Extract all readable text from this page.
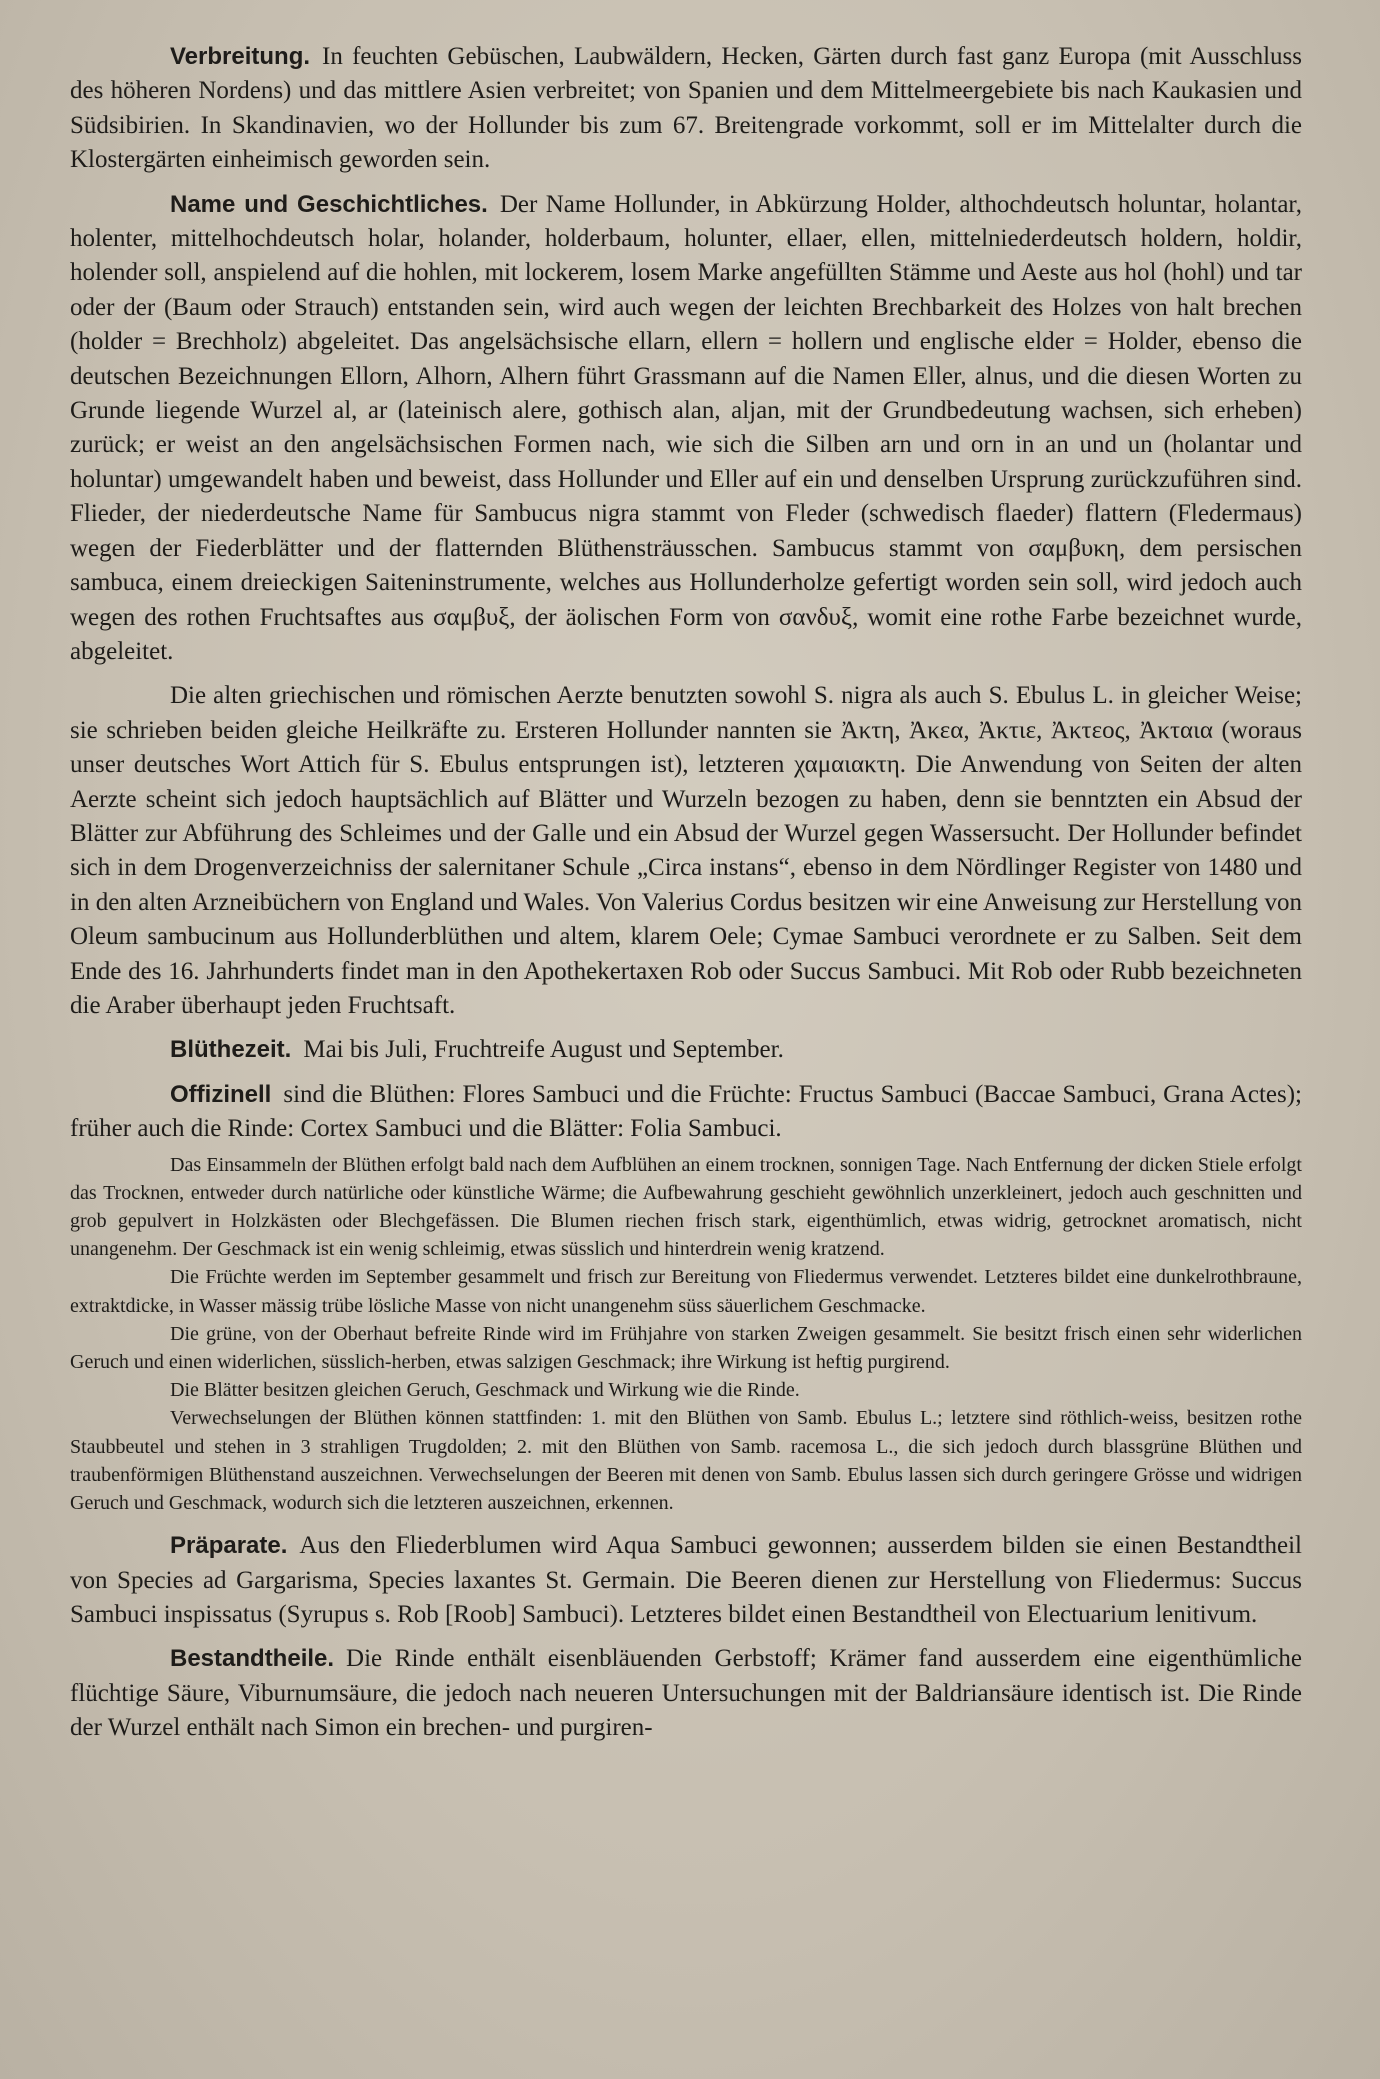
Verbreitung. In feuchten Gebüschen, Laubwäldern, Hecken, Gärten durch fast ganz Europa (mit Ausschluss des höheren Nordens) und das mittlere Asien verbreitet; von Spanien und dem Mittelmeergebiete bis nach Kaukasien und Südsibirien. In Skandinavien, wo der Hollunder bis zum 67. Breitengrade vorkommt, soll er im Mittelalter durch die Klostergärten einheimisch geworden sein.

Name und Geschichtliches. Der Name Hollunder, in Abkürzung Holder, althochdeutsch holuntar, holantar, holenter, mittelhochdeutsch holar, holander, holderbaum, holunter, ellaer, ellen, mittelniederdeutsch holdern, holdir, holender soll, anspielend auf die hohlen, mit lockerem, losem Marke angefüllten Stämme und Aeste aus hol (hohl) und tar oder der (Baum oder Strauch) entstanden sein, wird auch wegen der leichten Brechbarkeit des Holzes von halt brechen (holder = Brechholz) abgeleitet. Das angelsächsische ellarn, ellern = hollern und englische elder = Holder, ebenso die deutschen Bezeichnungen Ellorn, Alhorn, Alhern führt Grassmann auf die Namen Eller, alnus, und die diesen Worten zu Grunde liegende Wurzel al, ar (lateinisch alere, gothisch alan, aljan, mit der Grundbedeutung wachsen, sich erheben) zurück; er weist an den angelsächsischen Formen nach, wie sich die Silben arn und orn in an und un (holantar und holuntar) umgewandelt haben und beweist, dass Hollunder und Eller auf ein und denselben Ursprung zurückzuführen sind. Flieder, der niederdeutsche Name für Sambucus nigra stammt von Fleder (schwedisch flaeder) flattern (Fledermaus) wegen der Fiederblätter und der flatternden Blüthensträusschen. Sambucus stammt von σαμβυκη, dem persischen sambuca, einem dreieckigen Saiteninstrumente, welches aus Hollunderholze gefertigt worden sein soll, wird jedoch auch wegen des rothen Fruchtsaftes aus σαμβυξ, der äolischen Form von σανδυξ, womit eine rothe Farbe bezeichnet wurde, abgeleitet.

Die alten griechischen und römischen Aerzte benutzten sowohl S. nigra als auch S. Ebulus L. in gleicher Weise; sie schrieben beiden gleiche Heilkräfte zu. Ersteren Hollunder nannten sie Ἀκτη, Ἀκεα, Ἀκτιε, Ἀκτεος, Ἀκταια (woraus unser deutsches Wort Attich für S. Ebulus entsprungen ist), letzteren χαμαιακτη. Die Anwendung von Seiten der alten Aerzte scheint sich jedoch hauptsächlich auf Blätter und Wurzeln bezogen zu haben, denn sie benntzten ein Absud der Blätter zur Abführung des Schleimes und der Galle und ein Absud der Wurzel gegen Wassersucht. Der Hollunder befindet sich in dem Drogenverzeichniss der salernitaner Schule „Circa instans“, ebenso in dem Nördlinger Register von 1480 und in den alten Arzneibüchern von England und Wales. Von Valerius Cordus besitzen wir eine Anweisung zur Herstellung von Oleum sambucinum aus Hollunderblüthen und altem, klarem Oele; Cymae Sambuci verordnete er zu Salben. Seit dem Ende des 16. Jahrhunderts findet man in den Apothekertaxen Rob oder Succus Sambuci. Mit Rob oder Rubb bezeichneten die Araber überhaupt jeden Fruchtsaft.

Blüthezeit. Mai bis Juli, Fruchtreife August und September.

Offizinell sind die Blüthen: Flores Sambuci und die Früchte: Fructus Sambuci (Baccae Sambuci, Grana Actes); früher auch die Rinde: Cortex Sambuci und die Blätter: Folia Sambuci.

Das Einsammeln der Blüthen erfolgt bald nach dem Aufblühen an einem trocknen, sonnigen Tage. Nach Entfernung der dicken Stiele erfolgt das Trocknen, entweder durch natürliche oder künstliche Wärme; die Aufbewahrung geschieht gewöhnlich unzerkleinert, jedoch auch geschnitten und grob gepulvert in Holzkästen oder Blechgefässen. Die Blumen riechen frisch stark, eigenthümlich, etwas widrig, getrocknet aromatisch, nicht unangenehm. Der Geschmack ist ein wenig schleimig, etwas süsslich und hinterdrein wenig kratzend.

Die Früchte werden im September gesammelt und frisch zur Bereitung von Fliedermus verwendet. Letzteres bildet eine dunkelrothbraune, extraktdicke, in Wasser mässig trübe lösliche Masse von nicht unangenehm süss säuerlichem Geschmacke.

Die grüne, von der Oberhaut befreite Rinde wird im Frühjahre von starken Zweigen gesammelt. Sie besitzt frisch einen sehr widerlichen Geruch und einen widerlichen, süsslich-herben, etwas salzigen Geschmack; ihre Wirkung ist heftig purgirend.

Die Blätter besitzen gleichen Geruch, Geschmack und Wirkung wie die Rinde.

Verwechselungen der Blüthen können stattfinden: 1. mit den Blüthen von Samb. Ebulus L.; letztere sind röthlich-weiss, besitzen rothe Staubbeutel und stehen in 3 strahligen Trugdolden; 2. mit den Blüthen von Samb. racemosa L., die sich jedoch durch blassgrüne Blüthen und traubenförmigen Blüthenstand auszeichnen. Verwechselungen der Beeren mit denen von Samb. Ebulus lassen sich durch geringere Grösse und widrigen Geruch und Geschmack, wodurch sich die letzteren auszeichnen, erkennen.

Präparate. Aus den Fliederblumen wird Aqua Sambuci gewonnen; ausserdem bilden sie einen Bestandtheil von Species ad Gargarisma, Species laxantes St. Germain. Die Beeren dienen zur Herstellung von Fliedermus: Succus Sambuci inspissatus (Syrupus s. Rob [Roob] Sambuci). Letzteres bildet einen Bestandtheil von Electuarium lenitivum.

Bestandtheile. Die Rinde enthält eisenbläuenden Gerbstoff; Krämer fand ausserdem eine eigenthümliche flüchtige Säure, Viburnumsäure, die jedoch nach neueren Untersuchungen mit der Baldriansäure identisch ist. Die Rinde der Wurzel enthält nach Simon ein brechen- und purgiren-
